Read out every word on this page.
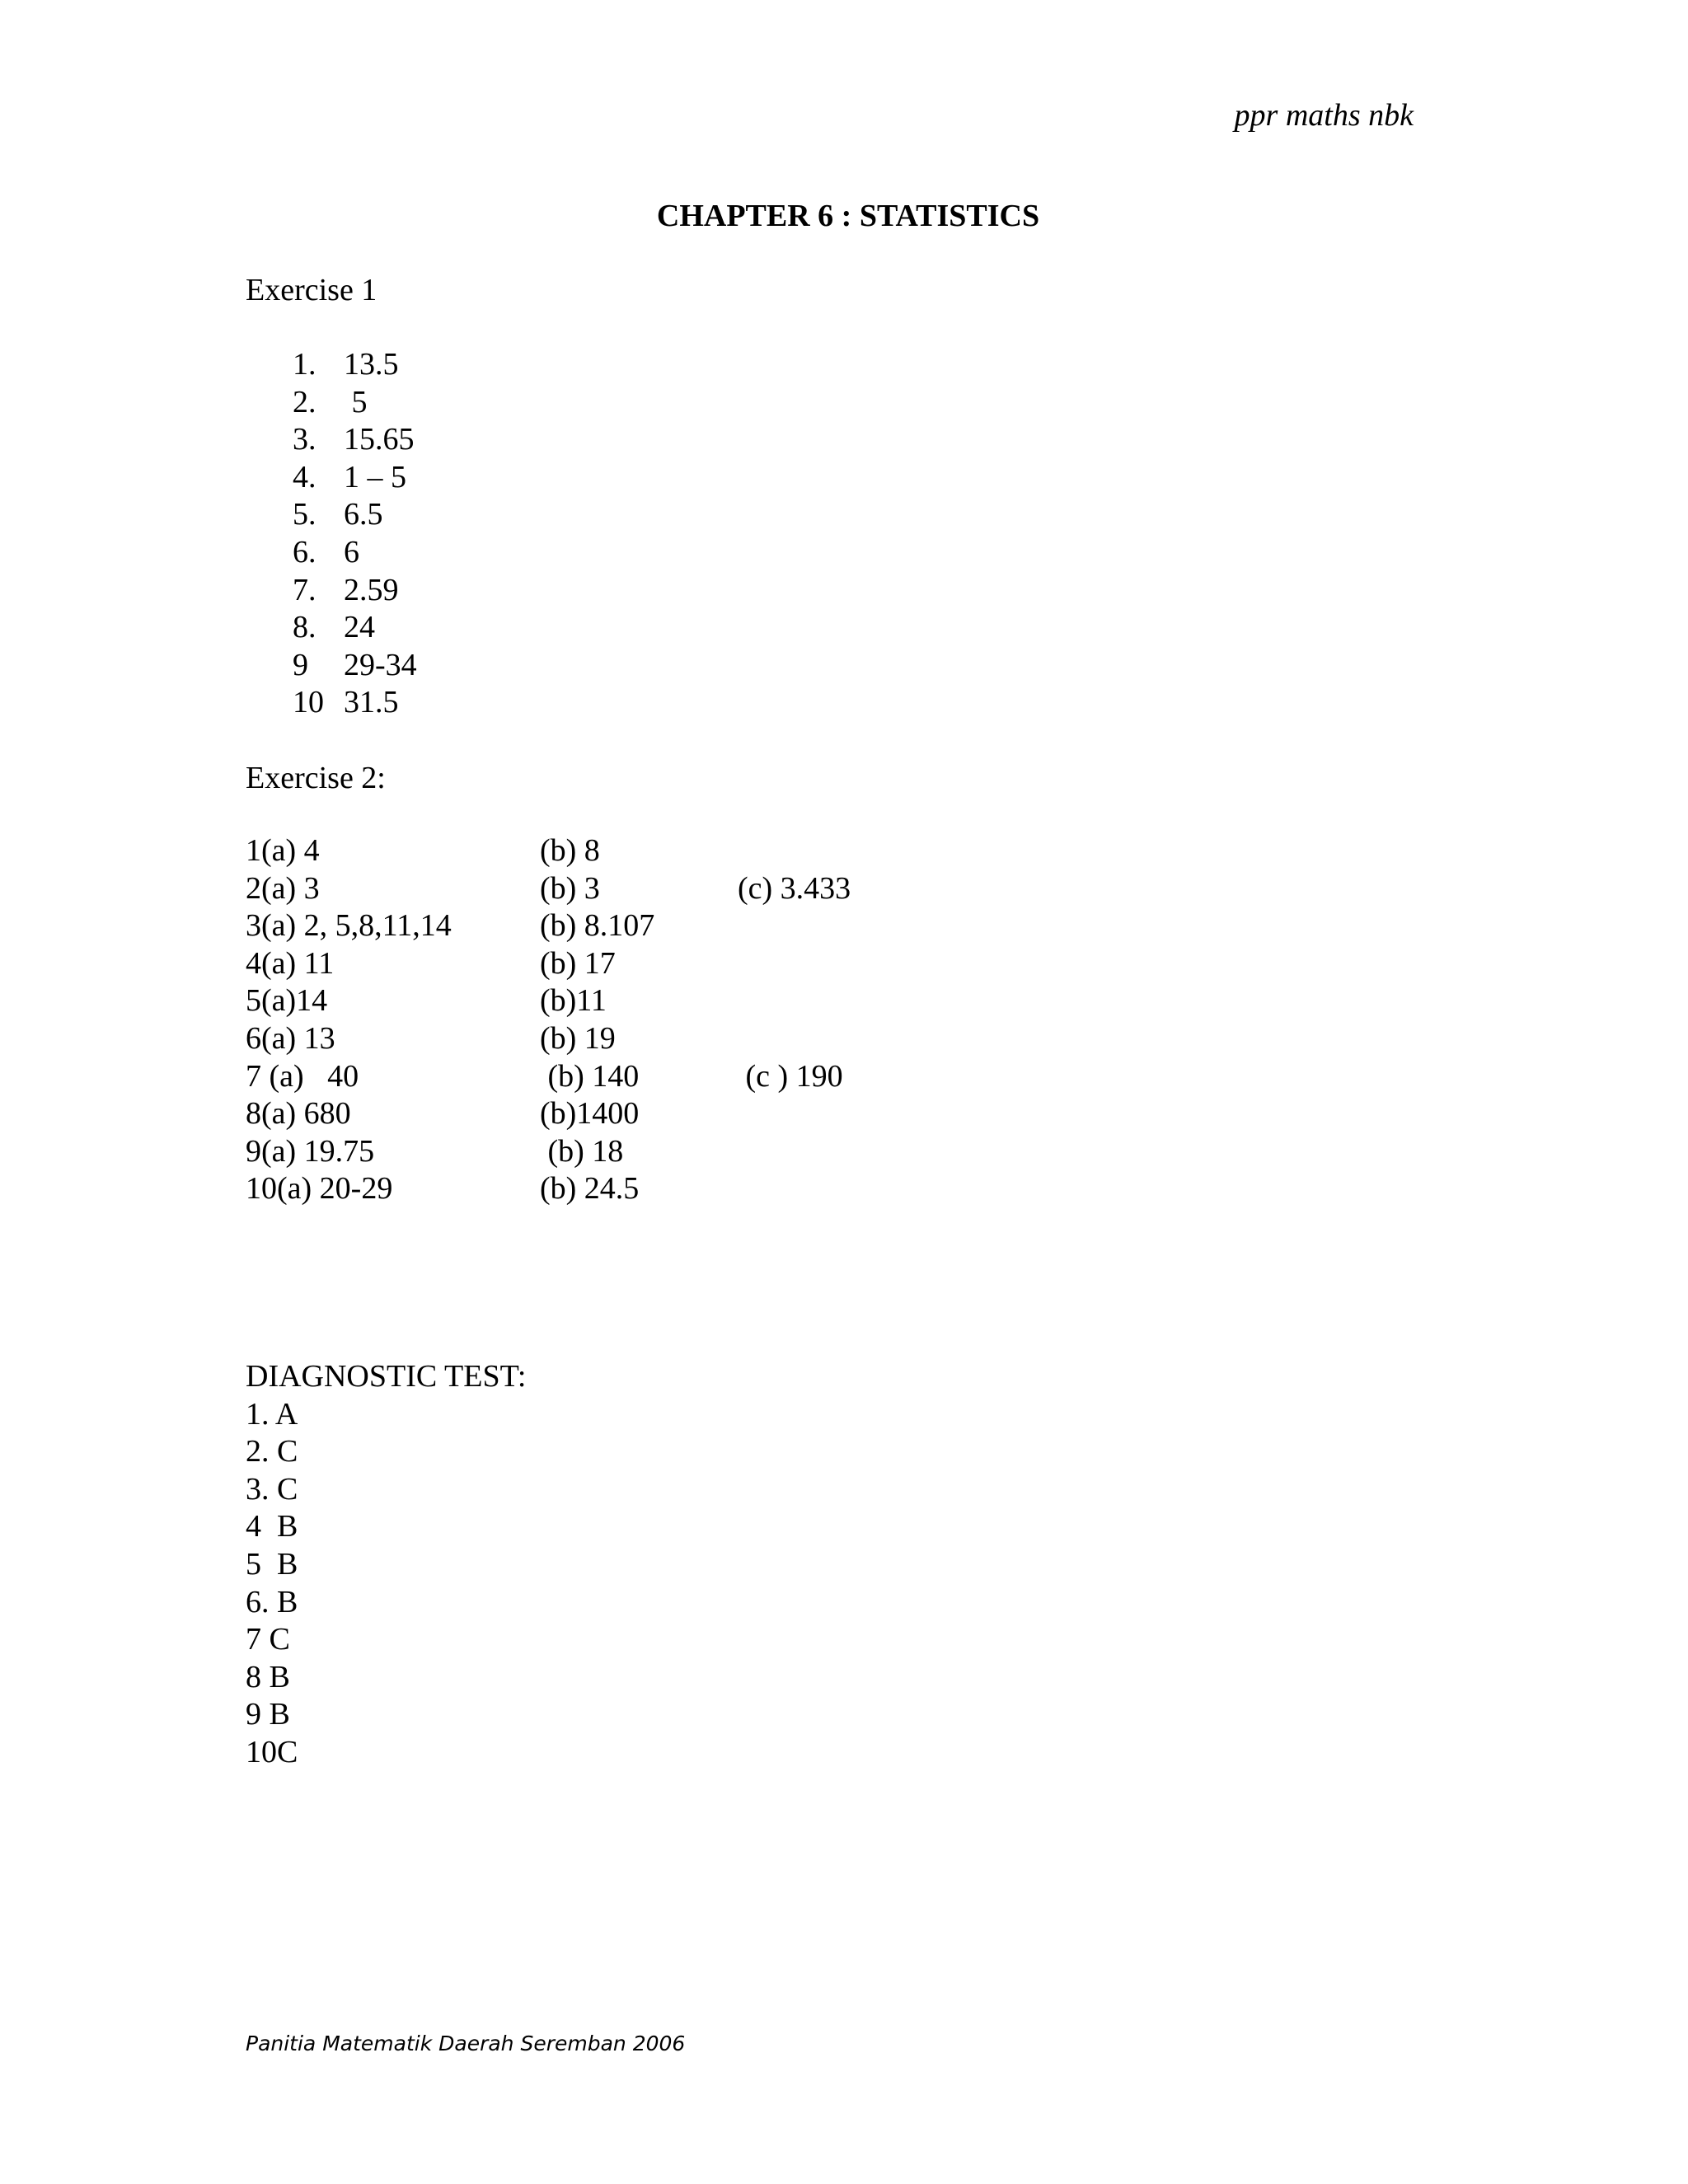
ppr maths nbk
CHAPTER 6 : STATISTICS
Exercise 1
1. 13.5
2. 5
3. 15.65
4. 1 – 5
5. 6.5
6. 6
7. 2.59
8. 24
9	29-34
10 31.5
Exercise 2:
1(a) 4	(b) 8
2(a) 3	(b) 3	(c) 3.433
3(a) 2, 5,8,11,14	(b) 8.107
4(a) 11	(b) 17
5(a)14	(b)11
6(a) 13	(b) 19
7 (a)   40	(b) 140	(c ) 190
8(a) 680	(b)1400
9(a) 19.75	(b) 18
10(a) 20-29	(b) 24.5
DIAGNOSTIC TEST:
1. A
2. C
3. C
4  B
5  B
6. B
7 C
8 B
9 B
10C
Panitia Matematik Daerah Seremban 2006
